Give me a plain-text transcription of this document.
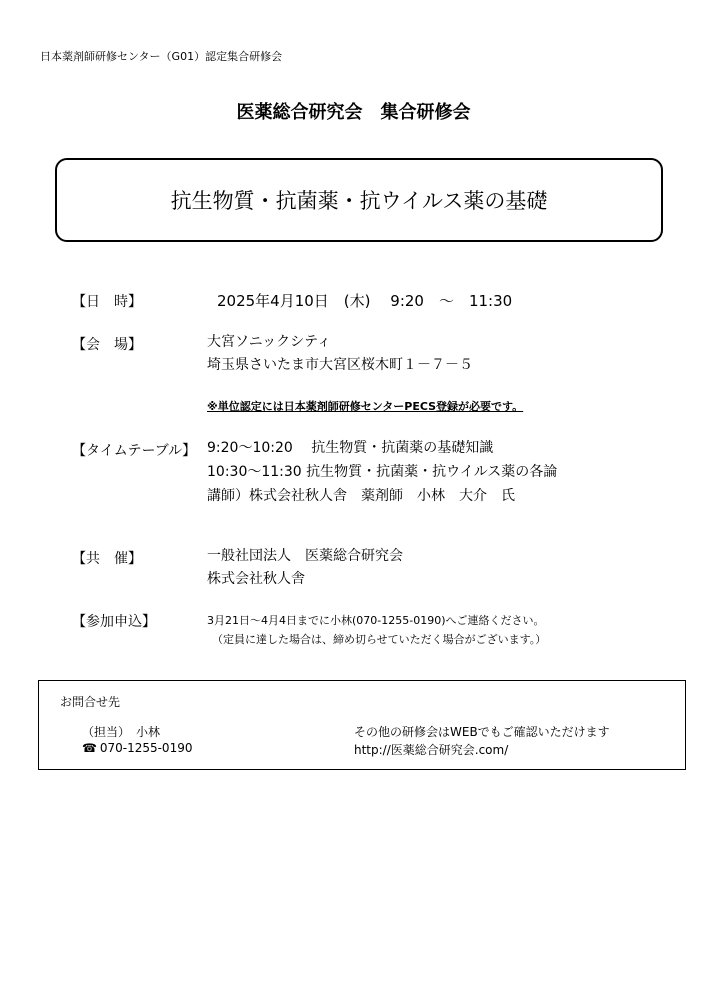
日本薬剤師研修センター（G01）認定集合研修会
医薬総合研究会　集合研修会
抗生物質・抗菌薬・抗ウイルス薬の基礎
【日　時】	2025年4月10日　(木)　 9:20　～　11:30
【会　場】	大宮ソニックシティ
埼玉県さいたま市大宮区桜木町１－７－５
※単位認定には日本薬剤師研修センターPECS登録が必要です。
【タイムテーブル】 9:20～10:20　 抗生物質・抗菌薬の基礎知識
10:30～11:30 抗生物質・抗菌薬・抗ウイルス薬の各論
講師）株式会社秋人舎　薬剤師　小林　大介　氏
【共　催】	一般社団法人　医薬総合研究会
株式会社秋人舎
【参加申込】	3月21日～4月4日までに小林(070-1255-0190)へご連絡ください。
（定員に達した場合は、締め切らせていただく場合がございます。）
お問合せ先
（担当）　小林
☎ 070-1255-0190
その他の研修会はWEBでもご確認いただけます
http://医薬総合研究会.com/
